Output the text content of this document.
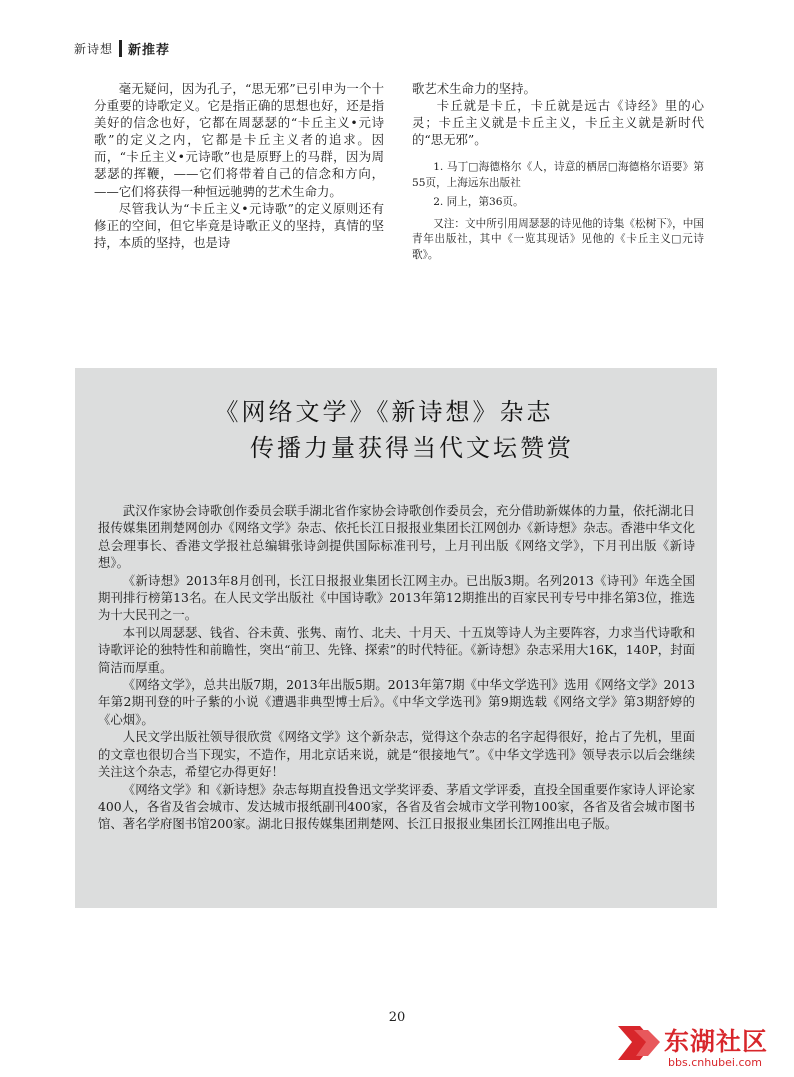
新诗想 新推荐

毫无疑问，因为孔子，“思无邪”已引申为一个十分重要的诗歌定义。它是指正确的思想也好，还是指美好的信念也好，它都在周瑟瑟的“卡丘主义•元诗歌”的定义之内，它都是卡丘主义者的追求。因而，“卡丘主义•元诗歌”也是原野上的马群，因为周瑟瑟的挥鞭，——它们将带着自己的信念和方向，——它们将获得一种恒远驰骋的艺术生命力。

尽管我认为“卡丘主义•元诗歌”的定义原则还有修正的空间，但它毕竟是诗歌正义的坚持，真情的坚持，本质的坚持，也是诗

歌艺术生命力的坚持。

卡丘就是卡丘，卡丘就是远古《诗经》里的心灵；卡丘主义就是卡丘主义，卡丘主义就是新时代的“思无邪”。

1. 马丁□海德格尔《人，诗意的栖居□海德格尔语要》第55页，上海远东出版社

2. 同上，第36页。

又注：文中所引用周瑟瑟的诗见他的诗集《松树下》，中国青年出版社，其中《一览其现话》见他的《卡丘主义□元诗歌》。

《网络文学》《新诗想》杂志
传播力量获得当代文坛赞赏

武汉作家协会诗歌创作委员会联手湖北省作家协会诗歌创作委员会，充分借助新媒体的力量，依托湖北日报传媒集团荆楚网创办《网络文学》杂志、依托长江日报报业集团长江网创办《新诗想》杂志。香港中华文化总会理事长、香港文学报社总编辑张诗剑提供国际标准刊号，上月刊出版《网络文学》，下月刊出版《新诗想》。

《新诗想》2013年8月创刊，长江日报报业集团长江网主办。已出版3期。名列2013《诗刊》年选全国期刊排行榜第13名。在人民文学出版社《中国诗歌》2013年第12期推出的百家民刊专号中排名第3位，推选为十大民刊之一。

本刊以周瑟瑟、钱省、谷未黄、张隽、南竹、北夫、十月天、十五岚等诗人为主要阵容，力求当代诗歌和诗歌评论的独特性和前瞻性，突出“前卫、先锋、探索”的时代特征。《新诗想》杂志采用大16K，140P，封面简洁而厚重。

《网络文学》，总共出版7期，2013年出版5期。2013年第7期《中华文学选刊》选用《网络文学》2013年第2期刊登的叶子紫的小说《遭遇非典型博士后》。《中华文学选刊》第9期选载《网络文学》第3期舒婷的《心烟》。

人民文学出版社领导很欣赏《网络文学》这个新杂志，觉得这个杂志的名字起得很好，抢占了先机，里面的文章也很切合当下现实，不造作，用北京话来说，就是“很接地气”。《中华文学选刊》领导表示以后会继续关注这个杂志，希望它办得更好！

《网络文学》和《新诗想》杂志每期直投鲁迅文学奖评委、茅盾文学评委，直投全国重要作家诗人评论家400人，各省及省会城市、发达城市报纸副刊400家，各省及省会城市文学刊物100家，各省及省会城市图书馆、著名学府图书馆200家。湖北日报传媒集团荆楚网、长江日报报业集团长江网推出电子版。

20
东湖社区
bbs.cnhubei.com
